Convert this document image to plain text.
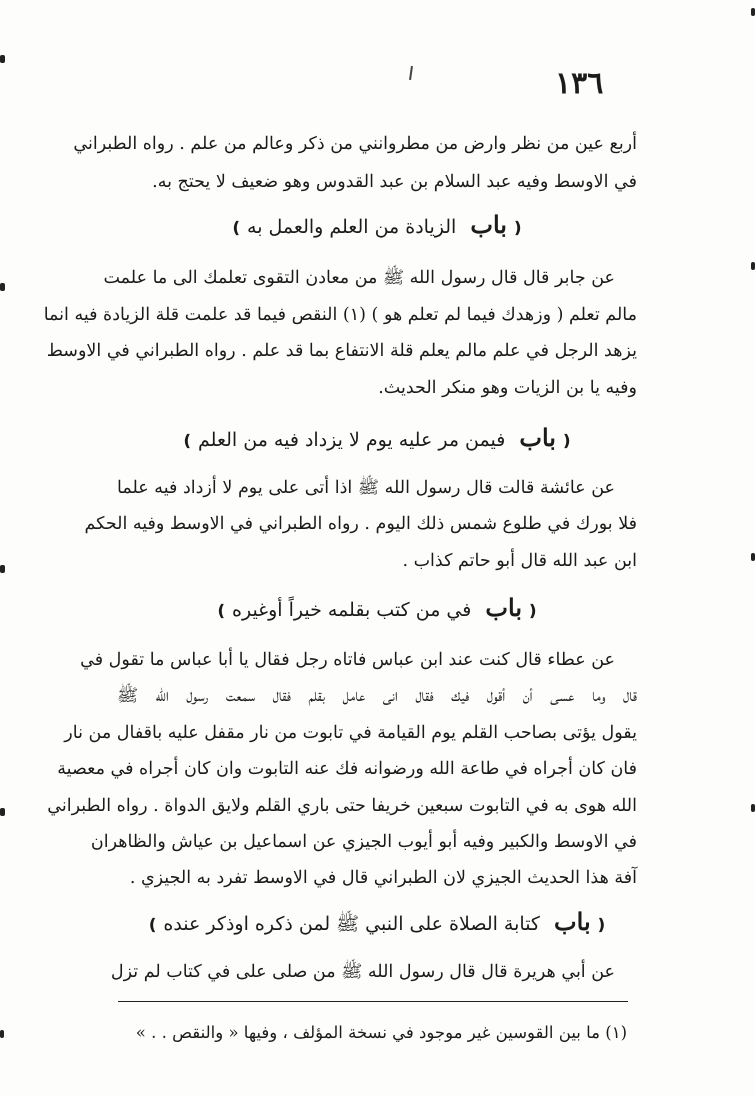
١٣٦
أربع عين من نظر وارض من مطروانني من ذكر وعالم من علم . رواه الطبراني
في الاوسط وفيه عبد السلام بن عبد القدوس وهو ضعيف لا يحتج به.
❪باب الزيادة من العلم والعمل به❫
عن جابر قال قال رسول الله ﷺ من معادن التقوى تعلمك الى ما علمت
مالم تعلم ( وزهدك فيما لم تعلم هو ) (١) النقص فيما قد علمت قلة الزيادة فيه انما
يزهد الرجل في علم مالم يعلم قلة الانتفاع بما قد علم . رواه الطبراني في الاوسط
وفيه يا بن الزيات وهو منكر الحديث.
❪باب فيمن مر عليه يوم لا يزداد فيه من العلم❫
عن عائشة قالت قال رسول الله ﷺ اذا أتى على يوم لا أزداد فيه علما
فلا بورك في طلوع شمس ذلك اليوم . رواه الطبراني في الاوسط وفيه الحكم
ابن عبد الله قال أبو حاتم كذاب .
❪باب في من كتب بقلمه خيراً أوغيره❫
عن عطاء قال كنت عند ابن عباس فاتاه رجل فقال يا أبا عباس ما تقول في
قال وما عسى أن أقول فيك فقال انى عامل بقلم فقال سمعت رسول الله ﷺ
يقول يؤتى بصاحب القلم يوم القيامة في تابوت من نار مقفل عليه باقفال من نار
فان كان أجراه في طاعة الله ورضوانه فك عنه التابوت وان كان أجراه في معصية
الله هوى به في التابوت سبعين خريفا حتى باري القلم ولايق الدواة . رواه الطبراني
في الاوسط والكبير وفيه أبو أيوب الجيزي عن اسماعيل بن عياش والظاهران
آفة هذا الحديث الجيزي لان الطبراني قال في الاوسط تفرد به الجيزي .
❪باب كتابة الصلاة على النبي ﷺ لمن ذكره اوذكر عنده❫
عن أبي هريرة قال قال رسول الله ﷺ من صلى على في كتاب لم تزل
(١) ما بين القوسين غير موجود في نسخة المؤلف ، وفيها « والنقص . . »
